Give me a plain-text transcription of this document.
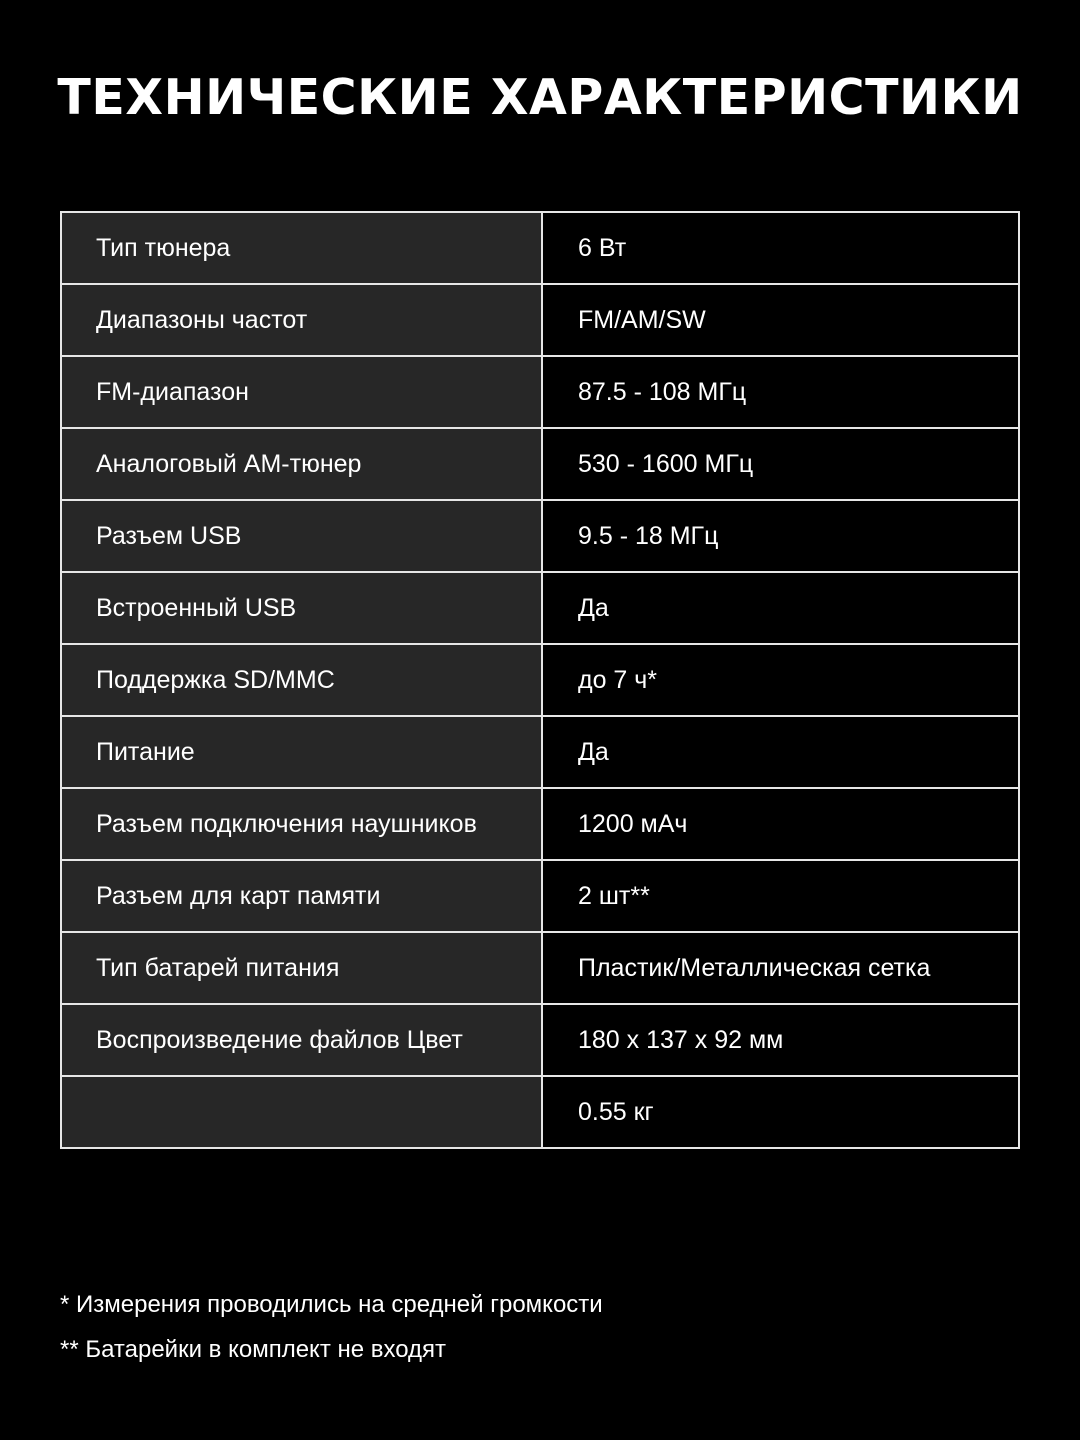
ТЕХНИЧЕСКИЕ ХАРАКТЕРИСТИКИ
Тип тюнера
Диапазоны частот
FM-диапазон
Аналоговый АМ-тюнер
Разъем USB
Встроенный USB
Поддержка SD/MMC
Питание
Разъем подключения наушников
Разъем для карт памяти
Тип батарей питания
Воспроизведение файлов Цвет
6 Вт
FM/AM/SW
87.5 - 108 МГц
530 - 1600 МГц
9.5 - 18 МГц
Да
до 7 ч*
Да
1200 мАч
2 шт**
Пластик/Металлическая сетка
180 x 137 x 92 мм
0.55 кг

* Измерения проводились на средней громкости

** Батарейки в комплект не входят
